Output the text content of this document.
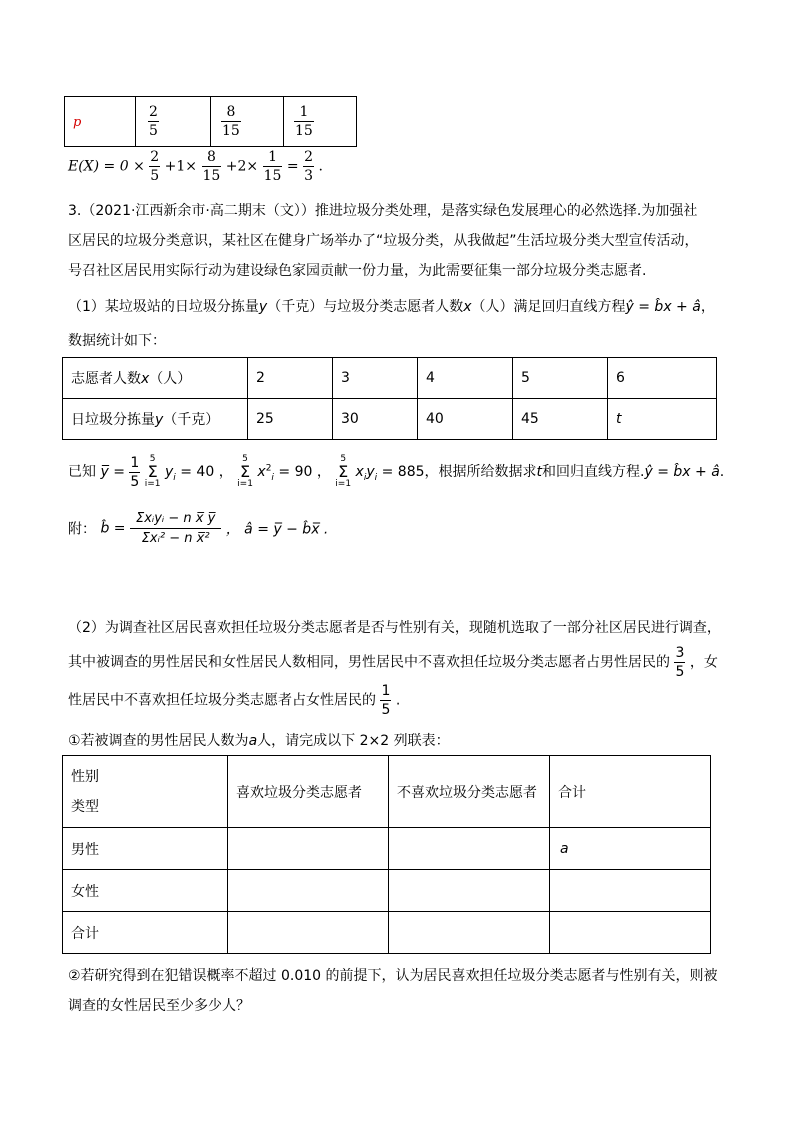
p	$\frac{2}{5}$	$\frac{8}{15}$	$\frac{1}{15}$
$E(X) = 0 \times \frac{2}{5} +1\times \frac{8}{15} +2\times \frac{1}{15} = \frac{2}{3}$ .
3.（2021·江西新余市·高二期末（文））推进垃圾分类处理，是落实绿色发展理心的必然选择.为加强社
区居民的垃圾分类意识，某社区在健身广场举办了“垃圾分类，从我做起”生活垃圾分类大型宣传活动，
号召社区居民用实际行动为建设绿色家园贡献一份力量，为此需要征集一部分垃圾分类志愿者.
（1）某垃圾站的日垃圾分拣量y（千克）与垃圾分类志愿者人数x（人）满足回归直线方程ŷ = b̂x + â，
数据统计如下：
志愿者人数x（人）	2	3	4	5	6
日垃圾分拣量y（千克）	25	30	40	45	t
已知 y̅ = $\frac{1}{5} 5$
Σ
i=1 $y_i = 40$ ， 5
Σ
i=1 $x^2_i = 90$ ， 5
Σ
i=1 $x_iy_i = 885$，根据所给数据求t和回归直线方程.ŷ = b̂x + â.
附： b̂ = $\frac{\text{Σxᵢyᵢ − n x̅ y̅}}{\text{Σxᵢ² − n x̅²}}$ ， â = y̅ − b̂x̅ .
（2）为调查社区居民喜欢担任垃圾分类志愿者是否与性别有关，现随机选取了一部分社区居民进行调查，
其中被调查的男性居民和女性居民人数相同，男性居民中不喜欢担任垃圾分类志愿者占男性居民的 $\frac{3}{5}$ ，女
性居民中不喜欢担任垃圾分类志愿者占女性居民的 $\frac{1}{5}$ .
①若被调查的男性居民人数为a人，请完成以下 2×2 列联表：
性别
类型	喜欢垃圾分类志愿者	不喜欢垃圾分类志愿者	合计
男性			a
女性			
合计			
②若研究得到在犯错误概率不超过 0.010 的前提下，认为居民喜欢担任垃圾分类志愿者与性别有关，则被
调查的女性居民至少多少人？
